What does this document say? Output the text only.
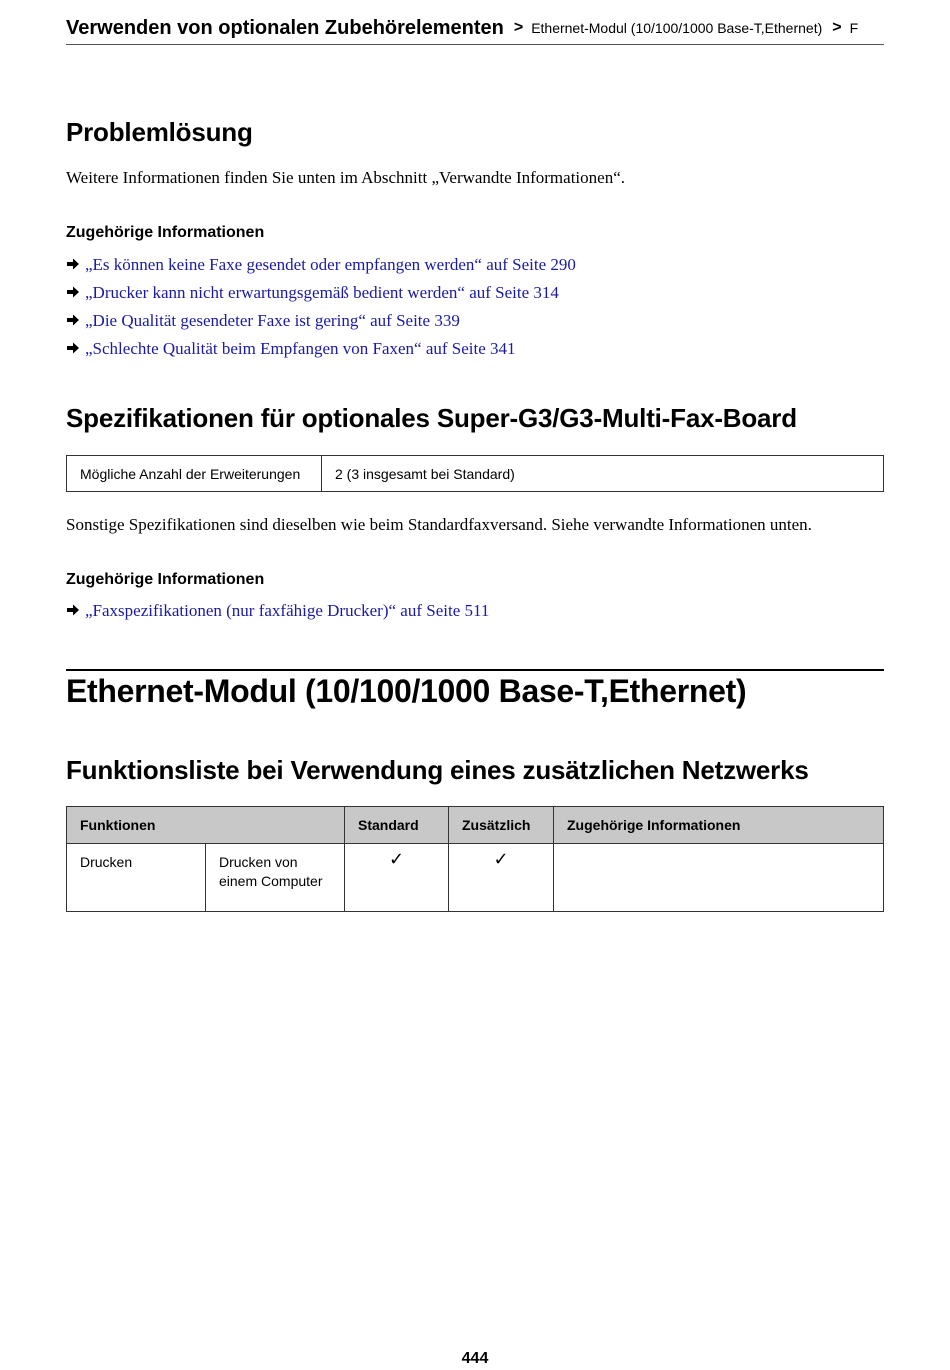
Verwenden von optionalen Zubehörelementen > Ethernet-Modul (10/100/1000 Base-T,Ethernet) > F
Problemlösung

Weitere Informationen finden Sie unten im Abschnitt „Verwandte Informationen“.

Zugehörige Informationen
„Es können keine Faxe gesendet oder empfangen werden“ auf Seite 290
„Drucker kann nicht erwartungsgemäß bedient werden“ auf Seite 314
„Die Qualität gesendeter Faxe ist gering“ auf Seite 339
„Schlechte Qualität beim Empfangen von Faxen“ auf Seite 341
Spezifikationen für optionales Super-G3/G3-Multi-Fax-Board
Mögliche Anzahl der Erweiterungen	2 (3 insgesamt bei Standard)

Sonstige Spezifikationen sind dieselben wie beim Standardfaxversand. Siehe verwandte Informationen unten.

Zugehörige Informationen
„Faxspezifikationen (nur faxfähige Drucker)“ auf Seite 511
Ethernet-Modul (10/100/1000 Base-T,Ethernet)
Funktionsliste bei Verwendung eines zusätzlichen Netzwerks
Funktionen		Standard	Zusätzlich	Zugehörige Informationen
Drucken	Drucken von einem Computer	✓	✓	
444
